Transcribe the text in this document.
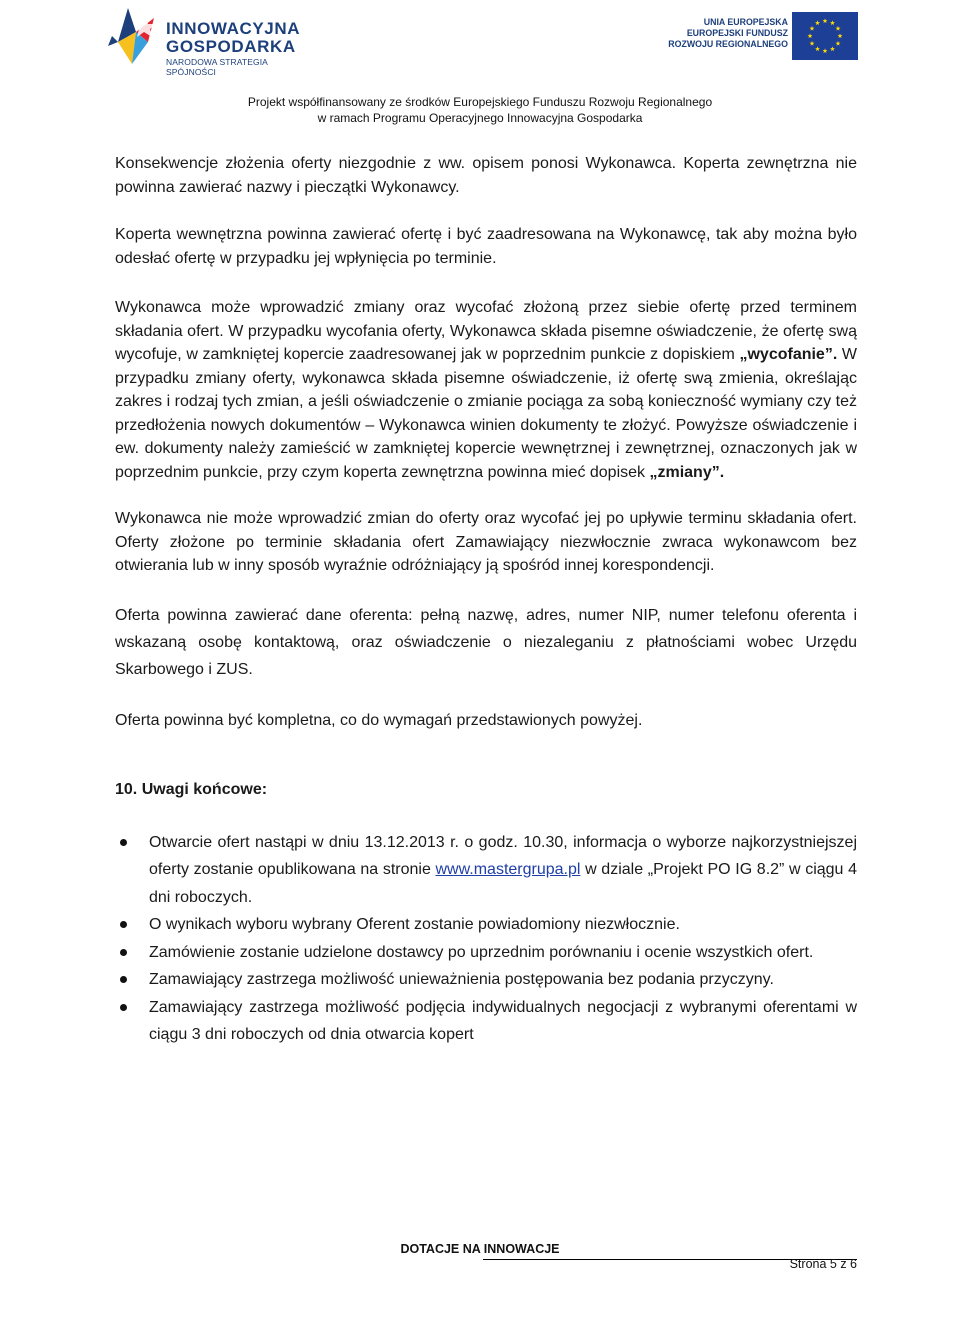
INNOWACYJNA
GOSPODARKA
NARODOWA STRATEGIA SPÓJNOŚCI
UNIA EUROPEJSKA
EUROPEJSKI FUNDUSZ
ROZWOJU REGIONALNEGO
Projekt współfinansowany ze środków Europejskiego Funduszu Rozwoju Regionalnego
w ramach Programu Operacyjnego Innowacyjna Gospodarka

Konsekwencje złożenia oferty niezgodnie z ww. opisem ponosi Wykonawca. Koperta zewnętrzna nie powinna zawierać nazwy i pieczątki Wykonawcy.

Koperta wewnętrzna powinna zawierać ofertę i być zaadresowana na Wykonawcę, tak aby można było odesłać ofertę w przypadku jej wpłynięcia po terminie.

Wykonawca może wprowadzić zmiany oraz wycofać złożoną przez siebie ofertę przed terminem składania ofert. W przypadku wycofania oferty, Wykonawca składa pisemne oświadczenie, że ofertę swą wycofuje, w zamkniętej kopercie zaadresowanej jak w poprzednim punkcie z dopiskiem „wycofanie”. W przypadku zmiany oferty, wykonawca składa pisemne oświadczenie, iż ofertę swą zmienia, określając zakres i rodzaj tych zmian, a jeśli oświadczenie o zmianie pociąga za sobą konieczność wymiany czy też przedłożenia nowych dokumentów – Wykonawca winien dokumenty te złożyć. Powyższe oświadczenie i ew. dokumenty należy zamieścić w zamkniętej kopercie wewnętrznej i zewnętrznej, oznaczonych jak w poprzednim punkcie, przy czym koperta zewnętrzna powinna mieć dopisek „zmiany”.

Wykonawca nie może wprowadzić zmian do oferty oraz wycofać jej po upływie terminu składania ofert. Oferty złożone po terminie składania ofert Zamawiający niezwłocznie zwraca wykonawcom bez otwierania lub w inny sposób wyraźnie odróżniający ją spośród innej korespondencji.

Oferta powinna zawierać dane oferenta: pełną nazwę, adres, numer NIP, numer telefonu oferenta i wskazaną osobę kontaktową, oraz oświadczenie o niezaleganiu z płatnościami wobec Urzędu Skarbowego i ZUS.

Oferta powinna być kompletna, co do wymagań przedstawionych powyżej.

10. Uwagi końcowe:

Otwarcie ofert nastąpi w dniu 13.12.2013 r. o godz. 10.30, informacja o wyborze najkorzystniejszej oferty zostanie opublikowana na stronie www.mastergrupa.pl w dziale „Projekt PO IG 8.2” w ciągu 4 dni roboczych.
O wynikach wyboru wybrany Oferent zostanie powiadomiony niezwłocznie.
Zamówienie zostanie udzielone dostawcy po uprzednim porównaniu i ocenie wszystkich ofert.
Zamawiający zastrzega możliwość unieważnienia postępowania bez podania przyczyny.
Zamawiający zastrzega możliwość podjęcia indywidualnych negocjacji z wybranymi oferentami w ciągu 3 dni roboczych od dnia otwarcia kopert
DOTACJE NA INNOWACJE
Strona 5 z 6
